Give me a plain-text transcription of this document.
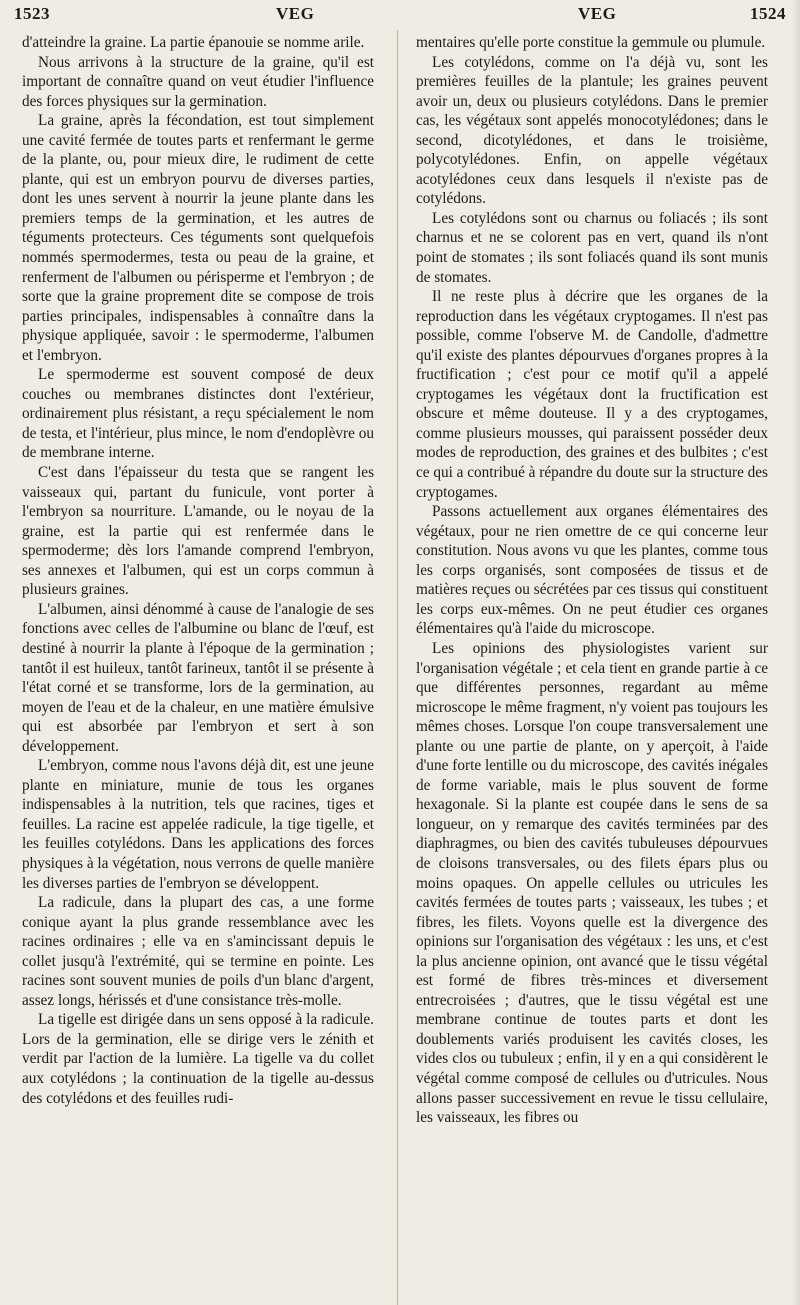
1523	VEG	VEG	1524

d'atteindre la graine. La partie épanouie se nomme arile.

Nous arrivons à la structure de la graine, qu'il est important de connaître quand on veut étudier l'influence des forces physiques sur la germination.

La graine, après la fécondation, est tout simplement une cavité fermée de toutes parts et renfermant le germe de la plante, ou, pour mieux dire, le rudiment de cette plante, qui est un embryon pourvu de diverses parties, dont les unes servent à nourrir la jeune plante dans les premiers temps de la germination, et les autres de téguments protecteurs. Ces téguments sont quelquefois nommés spermodermes, testa ou peau de la graine, et renferment de l'albumen ou périsperme et l'embryon ; de sorte que la graine proprement dite se compose de trois parties principales, indispensables à connaître dans la physique appliquée, savoir : le spermoderme, l'albumen et l'embryon.

Le spermoderme est souvent composé de deux couches ou membranes distinctes dont l'extérieur, ordinairement plus résistant, a reçu spécialement le nom de testa, et l'intérieur, plus mince, le nom d'endoplèvre ou de membrane interne.

C'est dans l'épaisseur du testa que se rangent les vaisseaux qui, partant du funicule, vont porter à l'embryon sa nourriture. L'amande, ou le noyau de la graine, est la partie qui est renfermée dans le spermoderme; dès lors l'amande comprend l'embryon, ses annexes et l'albumen, qui est un corps commun à plusieurs graines.

L'albumen, ainsi dénommé à cause de l'analogie de ses fonctions avec celles de l'albumine ou blanc de l'œuf, est destiné à nourrir la plante à l'époque de la germination ; tantôt il est huileux, tantôt farineux, tantôt il se présente à l'état corné et se transforme, lors de la germination, au moyen de l'eau et de la chaleur, en une matière émulsive qui est absorbée par l'embryon et sert à son développement.

L'embryon, comme nous l'avons déjà dit, est une jeune plante en miniature, munie de tous les organes indispensables à la nutrition, tels que racines, tiges et feuilles. La racine est appelée radicule, la tige tigelle, et les feuilles cotylédons. Dans les applications des forces physiques à la végétation, nous verrons de quelle manière les diverses parties de l'embryon se développent.

La radicule, dans la plupart des cas, a une forme conique ayant la plus grande ressemblance avec les racines ordinaires ; elle va en s'amincissant depuis le collet jusqu'à l'extrémité, qui se termine en pointe. Les racines sont souvent munies de poils d'un blanc d'argent, assez longs, hérissés et d'une consistance très-molle.

La tigelle est dirigée dans un sens opposé à la radicule. Lors de la germination, elle se dirige vers le zénith et verdit par l'action de la lumière. La tigelle va du collet aux cotylédons ; la continuation de la tigelle au-dessus des cotylédons et des feuilles rudi-

mentaires qu'elle porte constitue la gemmule ou plumule.

Les cotylédons, comme on l'a déjà vu, sont les premières feuilles de la plantule; les graines peuvent avoir un, deux ou plusieurs cotylédons. Dans le premier cas, les végétaux sont appelés monocotylédones; dans le second, dicotylédones, et dans le troisième, polycotylédones. Enfin, on appelle végétaux acotylédones ceux dans lesquels il n'existe pas de cotylédons.

Les cotylédons sont ou charnus ou foliacés ; ils sont charnus et ne se colorent pas en vert, quand ils n'ont point de stomates ; ils sont foliacés quand ils sont munis de stomates.

Il ne reste plus à décrire que les organes de la reproduction dans les végétaux cryptogames. Il n'est pas possible, comme l'observe M. de Candolle, d'admettre qu'il existe des plantes dépourvues d'organes propres à la fructification ; c'est pour ce motif qu'il a appelé cryptogames les végétaux dont la fructification est obscure et même douteuse. Il y a des cryptogames, comme plusieurs mousses, qui paraissent posséder deux modes de reproduction, des graines et des bulbites ; c'est ce qui a contribué à répandre du doute sur la structure des cryptogames.

Passons actuellement aux organes élémentaires des végétaux, pour ne rien omettre de ce qui concerne leur constitution. Nous avons vu que les plantes, comme tous les corps organisés, sont composées de tissus et de matières reçues ou sécrétées par ces tissus qui constituent les corps eux-mêmes. On ne peut étudier ces organes élémentaires qu'à l'aide du microscope.

Les opinions des physiologistes varient sur l'organisation végétale ; et cela tient en grande partie à ce que différentes personnes, regardant au même microscope le même fragment, n'y voient pas toujours les mêmes choses. Lorsque l'on coupe transversalement une plante ou une partie de plante, on y aperçoit, à l'aide d'une forte lentille ou du microscope, des cavités inégales de forme variable, mais le plus souvent de forme hexagonale. Si la plante est coupée dans le sens de sa longueur, on y remarque des cavités terminées par des diaphragmes, ou bien des cavités tubuleuses dépourvues de cloisons transversales, ou des filets épars plus ou moins opaques. On appelle cellules ou utricules les cavités fermées de toutes parts ; vaisseaux, les tubes ; et fibres, les filets. Voyons quelle est la divergence des opinions sur l'organisation des végétaux : les uns, et c'est la plus ancienne opinion, ont avancé que le tissu végétal est formé de fibres très-minces et diversement entrecroisées ; d'autres, que le tissu végétal est une membrane continue de toutes parts et dont les doublements variés produisent les cavités closes, les vides clos ou tubuleux ; enfin, il y en a qui considèrent le végétal comme composé de cellules ou d'utricules. Nous allons passer successivement en revue le tissu cellulaire, les vaisseaux, les fibres ou
